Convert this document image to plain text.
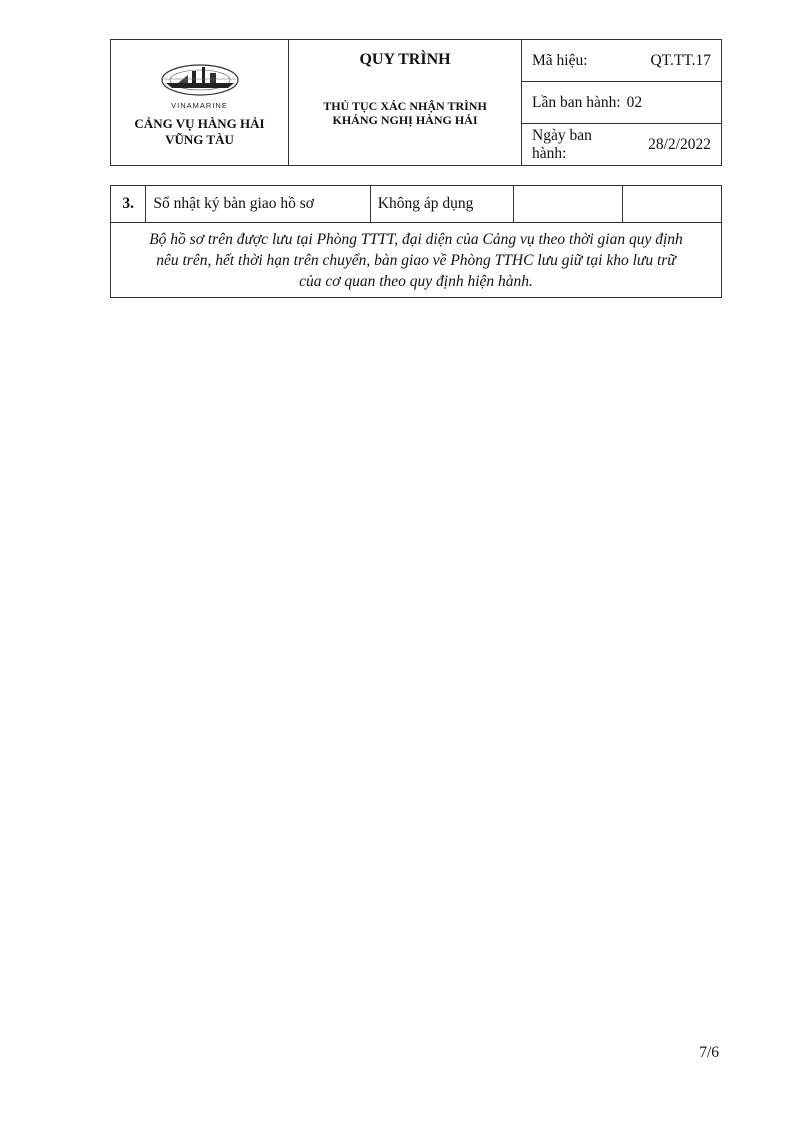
VINAMARINE
CẢNG VỤ HÀNG HẢI
VŨNG TÀU

QUY TRÌNH
THỦ TỤC XÁC NHẬN TRÌNH
KHÁNG NGHỊ HÀNG HẢI

Mã hiệu:	QT.TT.17

Lần ban hành: 02

Ngày ban
hành:
28/2/2022
3.	Sổ nhật ký bàn giao hồ sơ	Không áp dụng		

Bộ hồ sơ trên được lưu tại Phòng TTTT, đại diện của Cảng vụ theo thời gian quy định
nêu trên, hết thời hạn trên chuyển, bàn giao về Phòng TTHC lưu giữ tại kho lưu trữ
của cơ quan theo quy định hiện hành.
7/6
